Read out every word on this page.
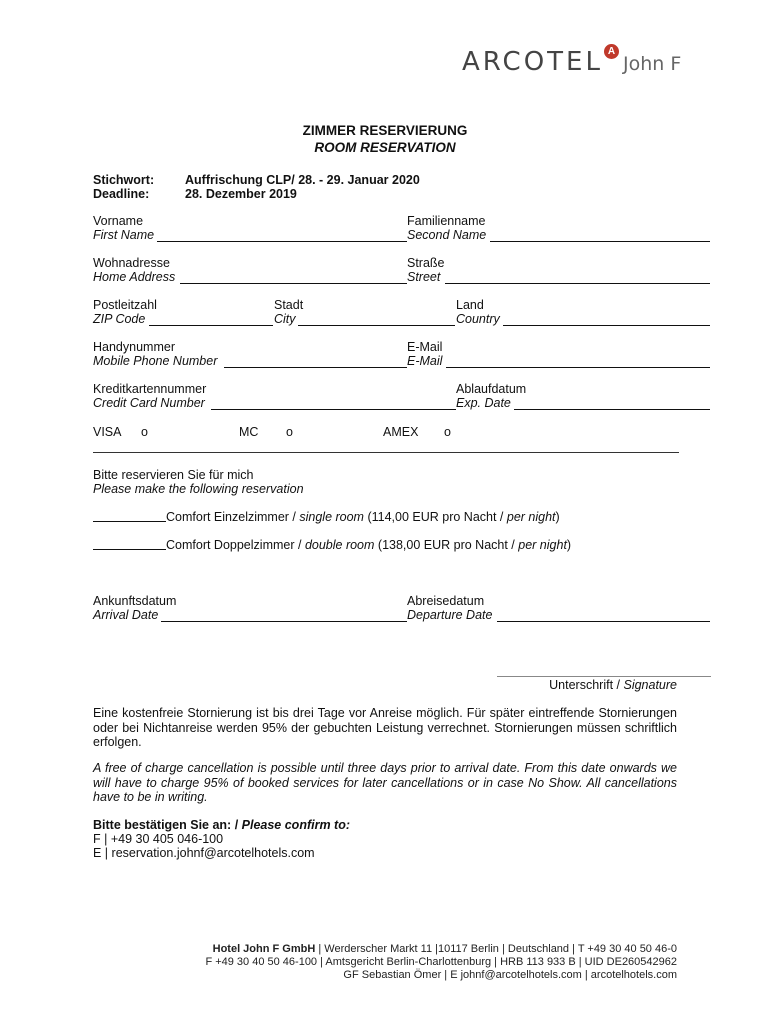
ARCOTEL A
John F
ZIMMER RESERVIERUNG
ROOM RESERVATION
Stichwort: Auffrischung CLP/ 28. - 29. Januar 2020
Deadline:	28. Dezember 2019
Vorname
First Name
Familienname
Second Name
Wohnadresse
Home Address
Straße
Street
Postleitzahl
ZIP Code
Stadt
City
Land
Country
Handynummer
Mobile Phone Number
E-Mail
E-Mail
Kreditkartennummer
Credit Card Number
Ablaufdatum
Exp. Date
VISA o	MC o	AMEX o
Bitte reservieren Sie für mich
Please make the following reservation
Comfort Einzelzimmer / single room (114,00 EUR pro Nacht / per night)
Comfort Doppelzimmer / double room (138,00 EUR pro Nacht / per night)
Ankunftsdatum
Arrival Date
Abreisedatum
Departure Date
Unterschrift / Signature
Eine kostenfreie Stornierung ist bis drei Tage vor Anreise möglich. Für später eintreffende Stornierungen oder bei Nichtanreise werden 95% der gebuchten Leistung verrechnet. Stornierungen müssen schriftlich erfolgen.
A free of charge cancellation is possible until three days prior to arrival date. From this date onwards we will have to charge 95% of booked services for later cancellations or in case No Show. All cancellations have to be in writing.
Bitte bestätigen Sie an: / Please confirm to:
F | +49 30 405 046-100
E | reservation.johnf@arcotelhotels.com
Hotel John F GmbH | Werderscher Markt 11 |10117 Berlin | Deutschland | T +49 30 40 50 46-0
F +49 30 40 50 46-100 | Amtsgericht Berlin-Charlottenburg | HRB 113 933 B | UID DE260542962
GF Sebastian Ömer | E johnf@arcotelhotels.com | arcotelhotels.com
